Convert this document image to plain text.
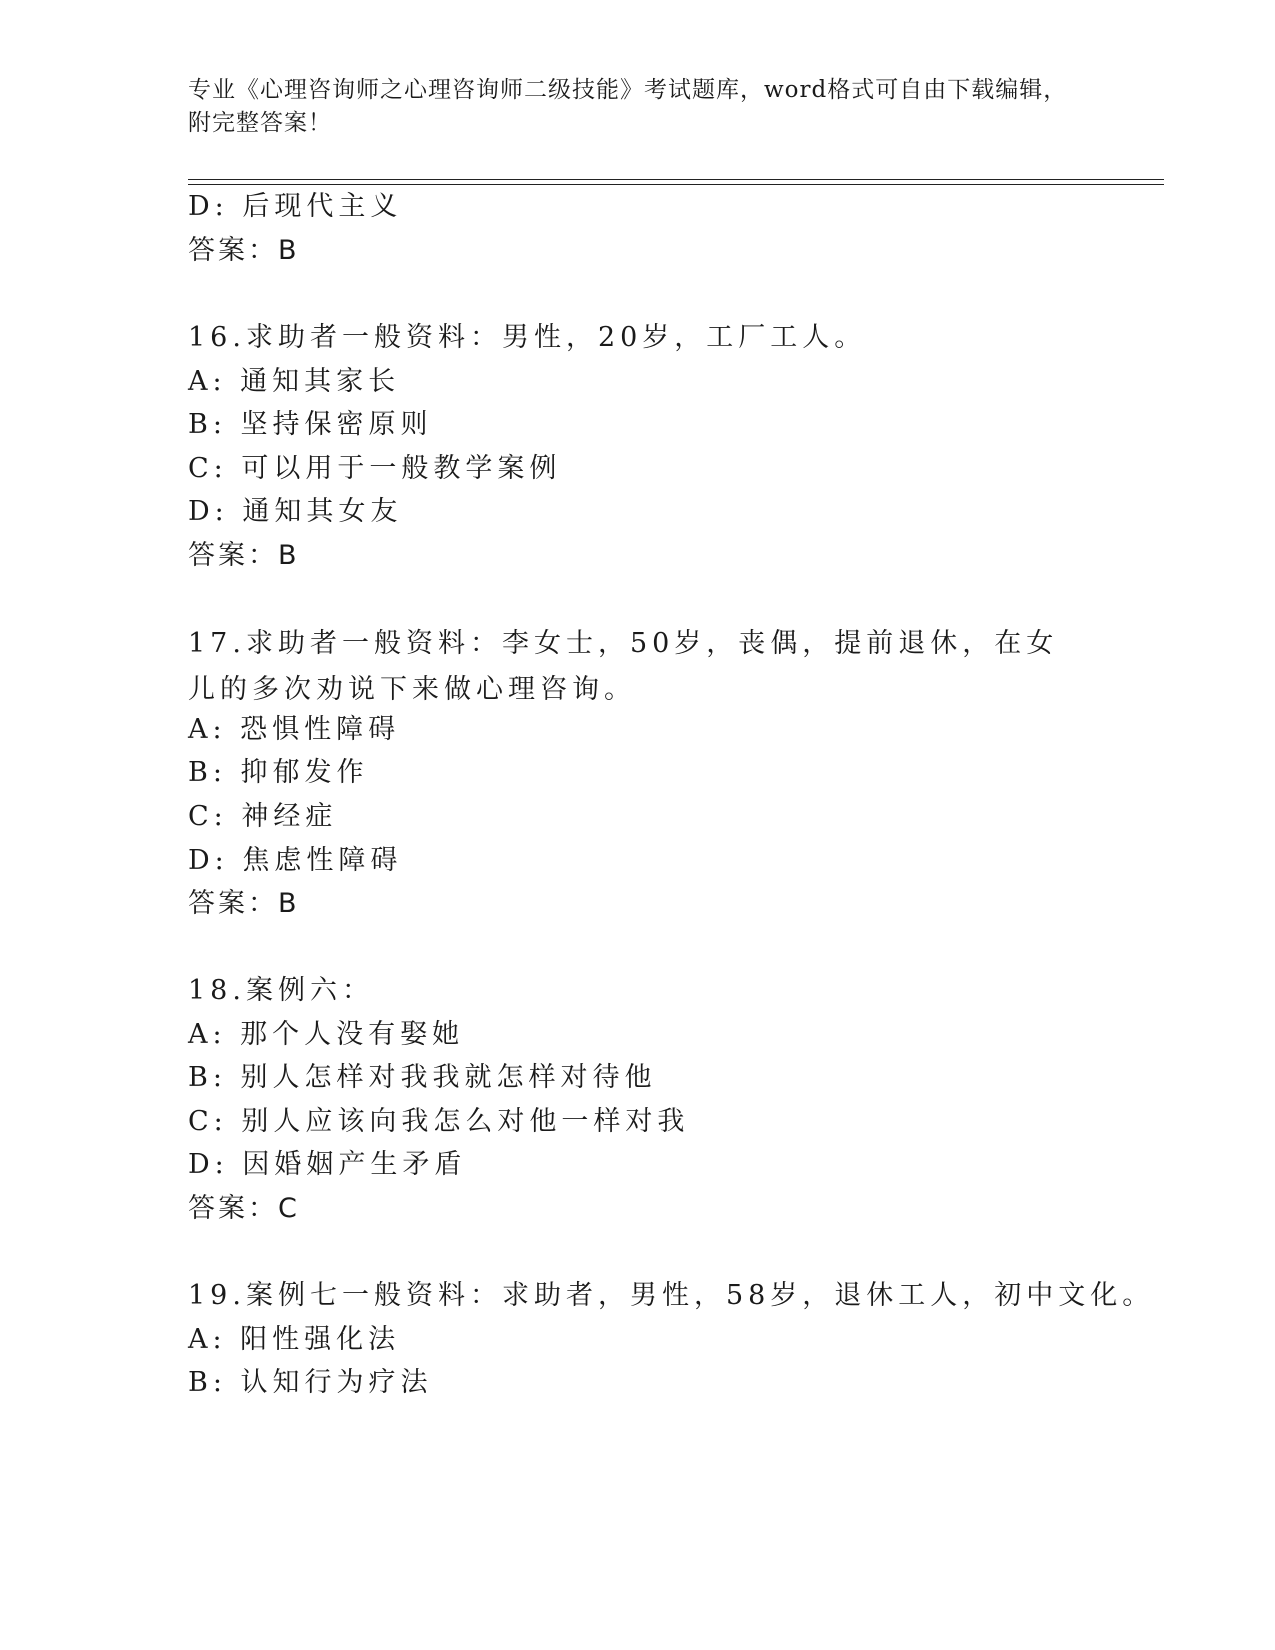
专业《心理咨询师之心理咨询师二级技能》考试题库，word格式可自由下载编辑，附完整答案！

D: 后现代主义
答案：B
16.求助者一般资料：男性，20岁，工厂工人。
A: 通知其家长
B: 坚持保密原则
C: 可以用于一般教学案例
D: 通知其女友
答案：B
17.求助者一般资料：李女士，50岁，丧偶，提前退休，在女儿的多次劝说下来做心理咨询。
A: 恐惧性障碍
B: 抑郁发作
C: 神经症
D: 焦虑性障碍
答案：B
18.案例六：
A: 那个人没有娶她
B: 别人怎样对我我就怎样对待他
C: 别人应该向我怎么对他一样对我
D: 因婚姻产生矛盾
答案：C
19.案例七一般资料：求助者，男性，58岁，退休工人，初中文化。
A: 阳性强化法
B: 认知行为疗法
